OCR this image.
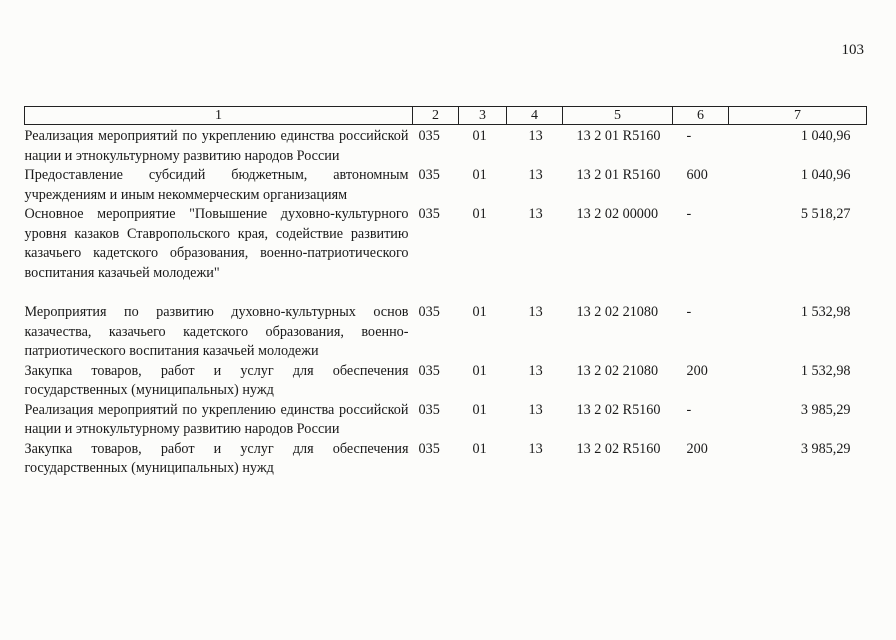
103
1	2	3	4	5	6	7
Реализация мероприятий по укреплению единства российской нации и этнокультурному развитию народов России	035	01	13	13 2 01 R5160	-	1 040,96
Предоставление субсидий бюджетным, автономным учреждениям и иным некоммерческим организациям	035	01	13	13 2 01 R5160	600	1 040,96
Основное мероприятие "Повышение духовно-культурного уровня казаков Ставропольского края, содействие развитию казачьего кадетского образования, военно-патриотического воспитания казачьей молодежи"	035	01	13	13 2 02 00000	-	5 518,27

Мероприятия по развитию духовно-культурных основ казачества, казачьего кадетского образования, военно-патриотического воспитания казачьей молодежи	035	01	13	13 2 02 21080	-	1 532,98
Закупка товаров, работ и услуг для обеспечения государственных (муниципальных) нужд	035	01	13	13 2 02 21080	200	1 532,98
Реализация мероприятий по укреплению единства российской нации и этнокультурному развитию народов России	035	01	13	13 2 02 R5160	-	3 985,29
Закупка товаров, работ и услуг для обеспечения государственных (муниципальных) нужд	035	01	13	13 2 02 R5160	200	3 985,29
